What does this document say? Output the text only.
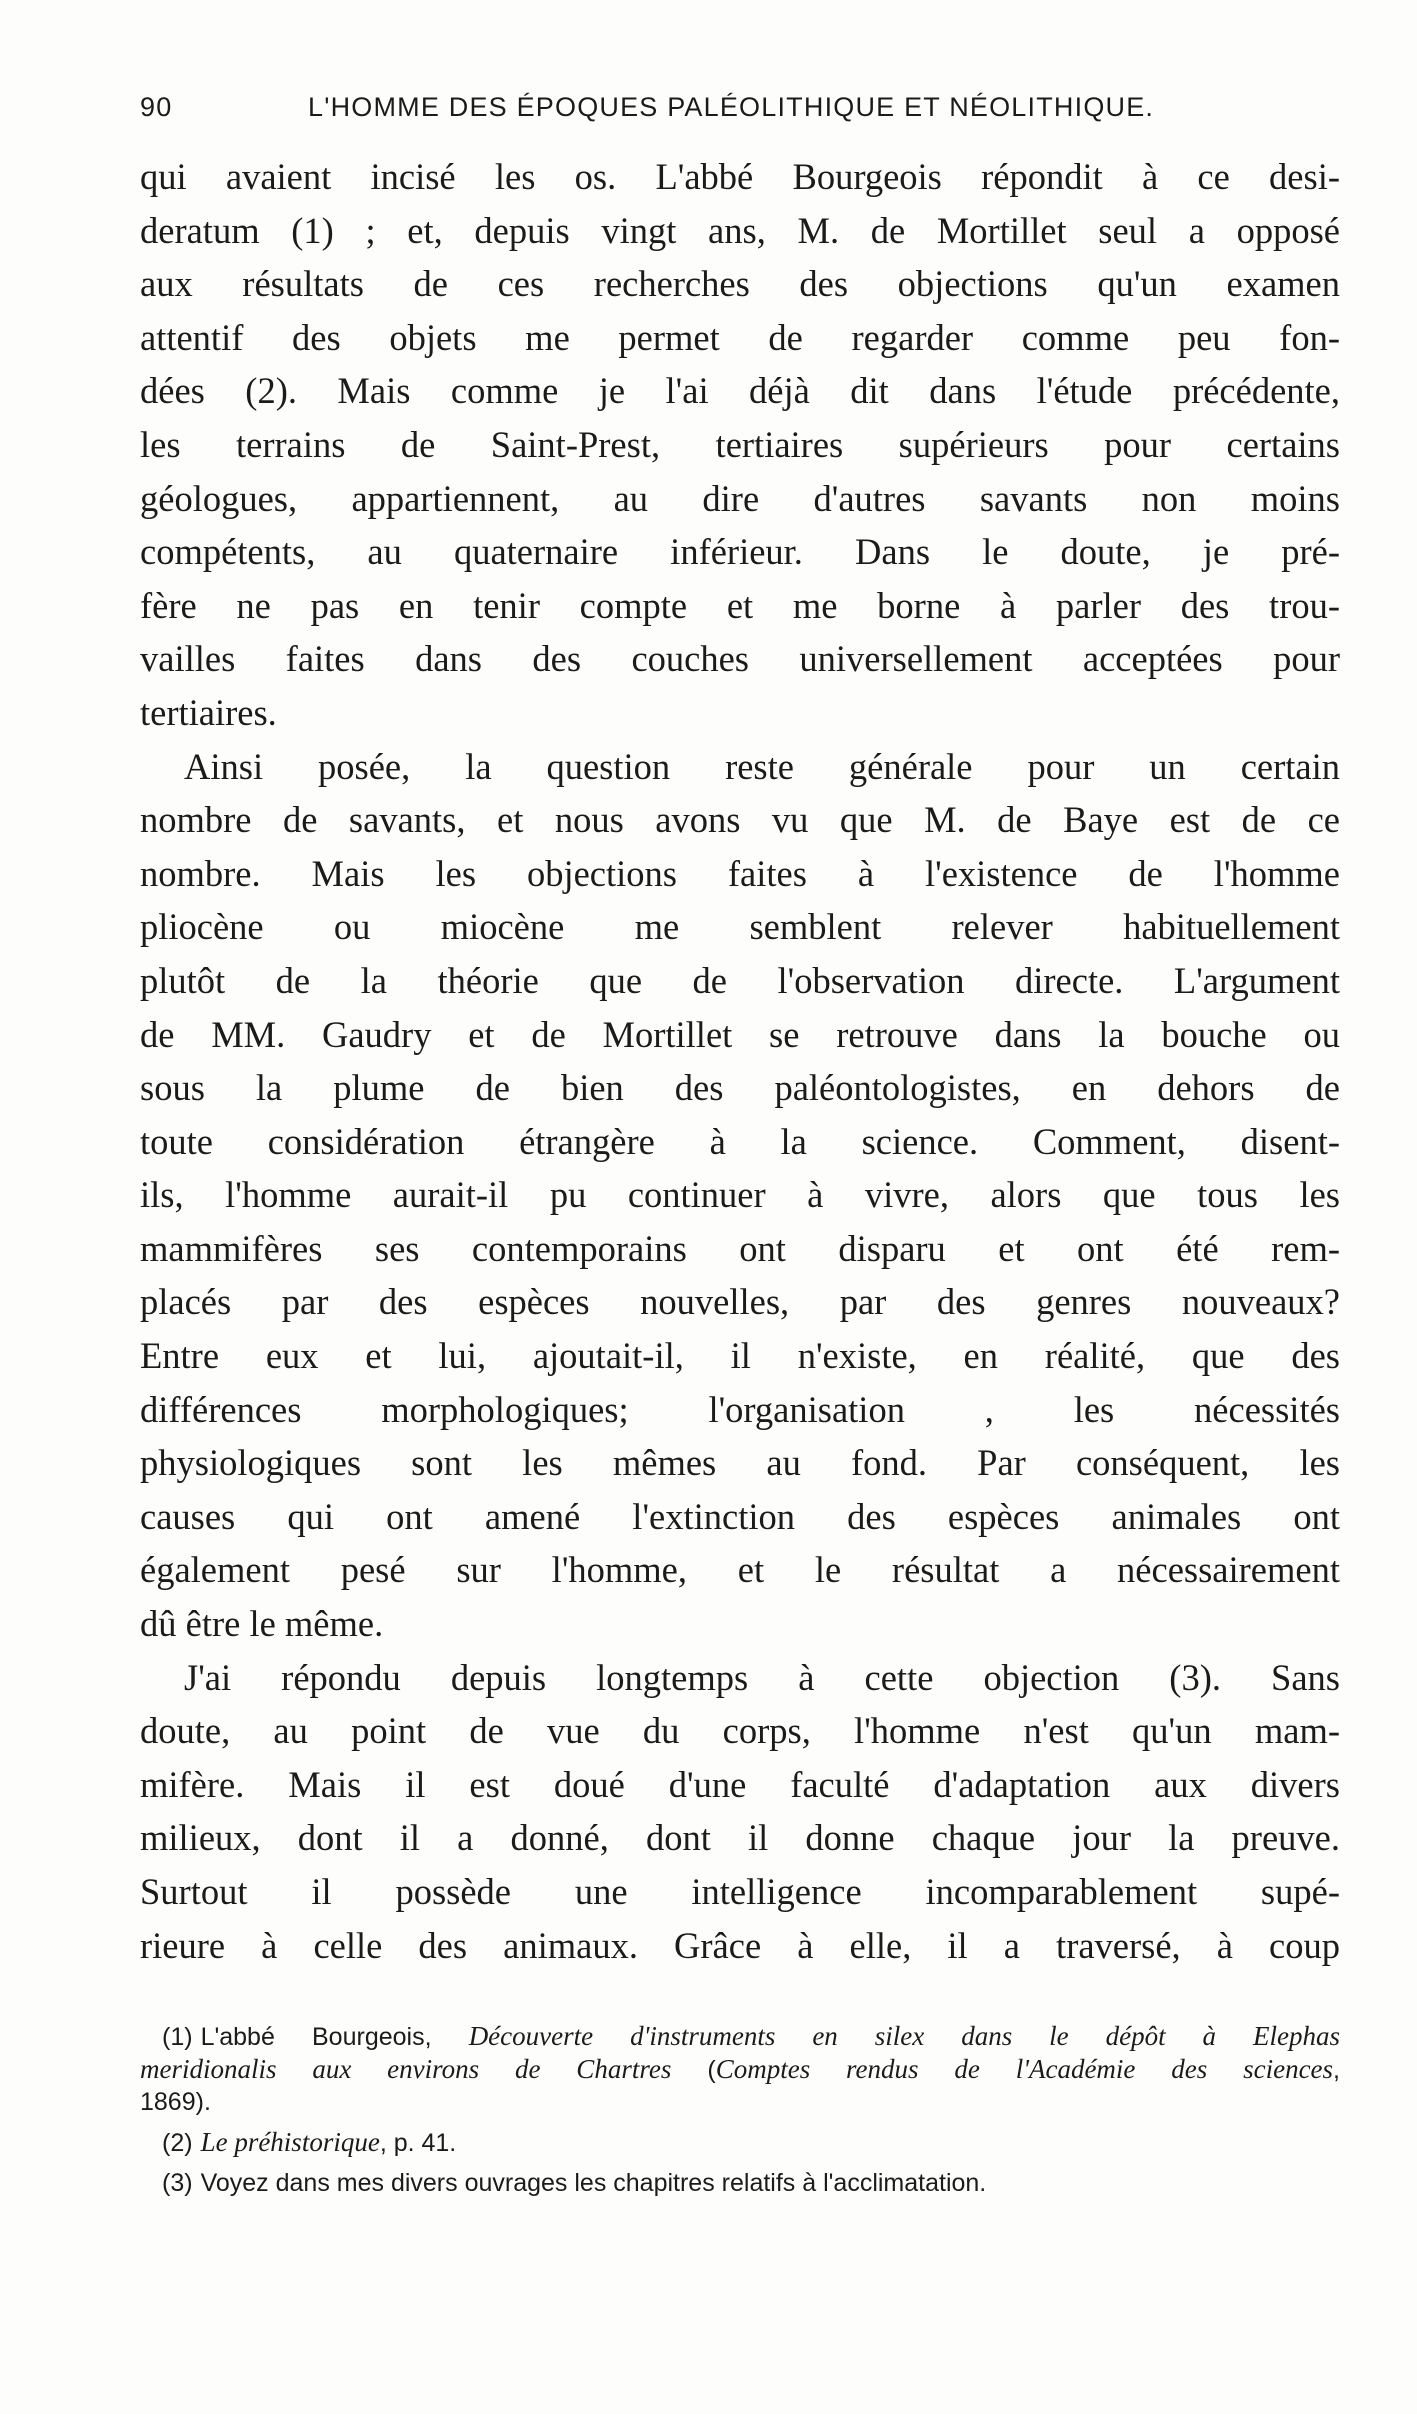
90	L'HOMME DES ÉPOQUES PALÉOLITHIQUE ET NÉOLITHIQUE.

qui avaient incisé les os. L'abbé Bourgeois répondit à ce desi-
deratum (1) ; et, depuis vingt ans, M. de Mortillet seul a opposé
aux résultats de ces recherches des objections qu'un examen
attentif des objets me permet de regarder comme peu fon-
dées (2). Mais comme je l'ai déjà dit dans l'étude précédente,
les terrains de Saint-Prest, tertiaires supérieurs pour certains
géologues, appartiennent, au dire d'autres savants non moins
compétents, au quaternaire inférieur. Dans le doute, je pré-
fère ne pas en tenir compte et me borne à parler des trou-
vailles faites dans des couches universellement acceptées pour
tertiaires.

Ainsi posée, la question reste générale pour un certain
nombre de savants, et nous avons vu que M. de Baye est de ce
nombre. Mais les objections faites à l'existence de l'homme
pliocène ou miocène me semblent relever habituellement
plutôt de la théorie que de l'observation directe. L'argument
de MM. Gaudry et de Mortillet se retrouve dans la bouche ou
sous la plume de bien des paléontologistes, en dehors de
toute considération étrangère à la science. Comment, disent-
ils, l'homme aurait-il pu continuer à vivre, alors que tous les
mammifères ses contemporains ont disparu et ont été rem-
placés par des espèces nouvelles, par des genres nouveaux?
Entre eux et lui, ajoutait-il, il n'existe, en réalité, que des
différences morphologiques; l'organisation , les nécessités
physiologiques sont les mêmes au fond. Par conséquent, les
causes qui ont amené l'extinction des espèces animales ont
également pesé sur l'homme, et le résultat a nécessairement
dû être le même.

J'ai répondu depuis longtemps à cette objection (3). Sans
doute, au point de vue du corps, l'homme n'est qu'un mam-
mifère. Mais il est doué d'une faculté d'adaptation aux divers
milieux, dont il a donné, dont il donne chaque jour la preuve.
Surtout il possède une intelligence incomparablement supé-
rieure à celle des animaux. Grâce à elle, il a traversé, à coup

(1) L'abbé Bourgeois, Découverte d'instruments en silex dans le dépôt à Elephas
meridionalis aux environs de Chartres (Comptes rendus de l'Académie des sciences,
1869).
(2) Le préhistorique, p. 41.
(3) Voyez dans mes divers ouvrages les chapitres relatifs à l'acclimatation.
